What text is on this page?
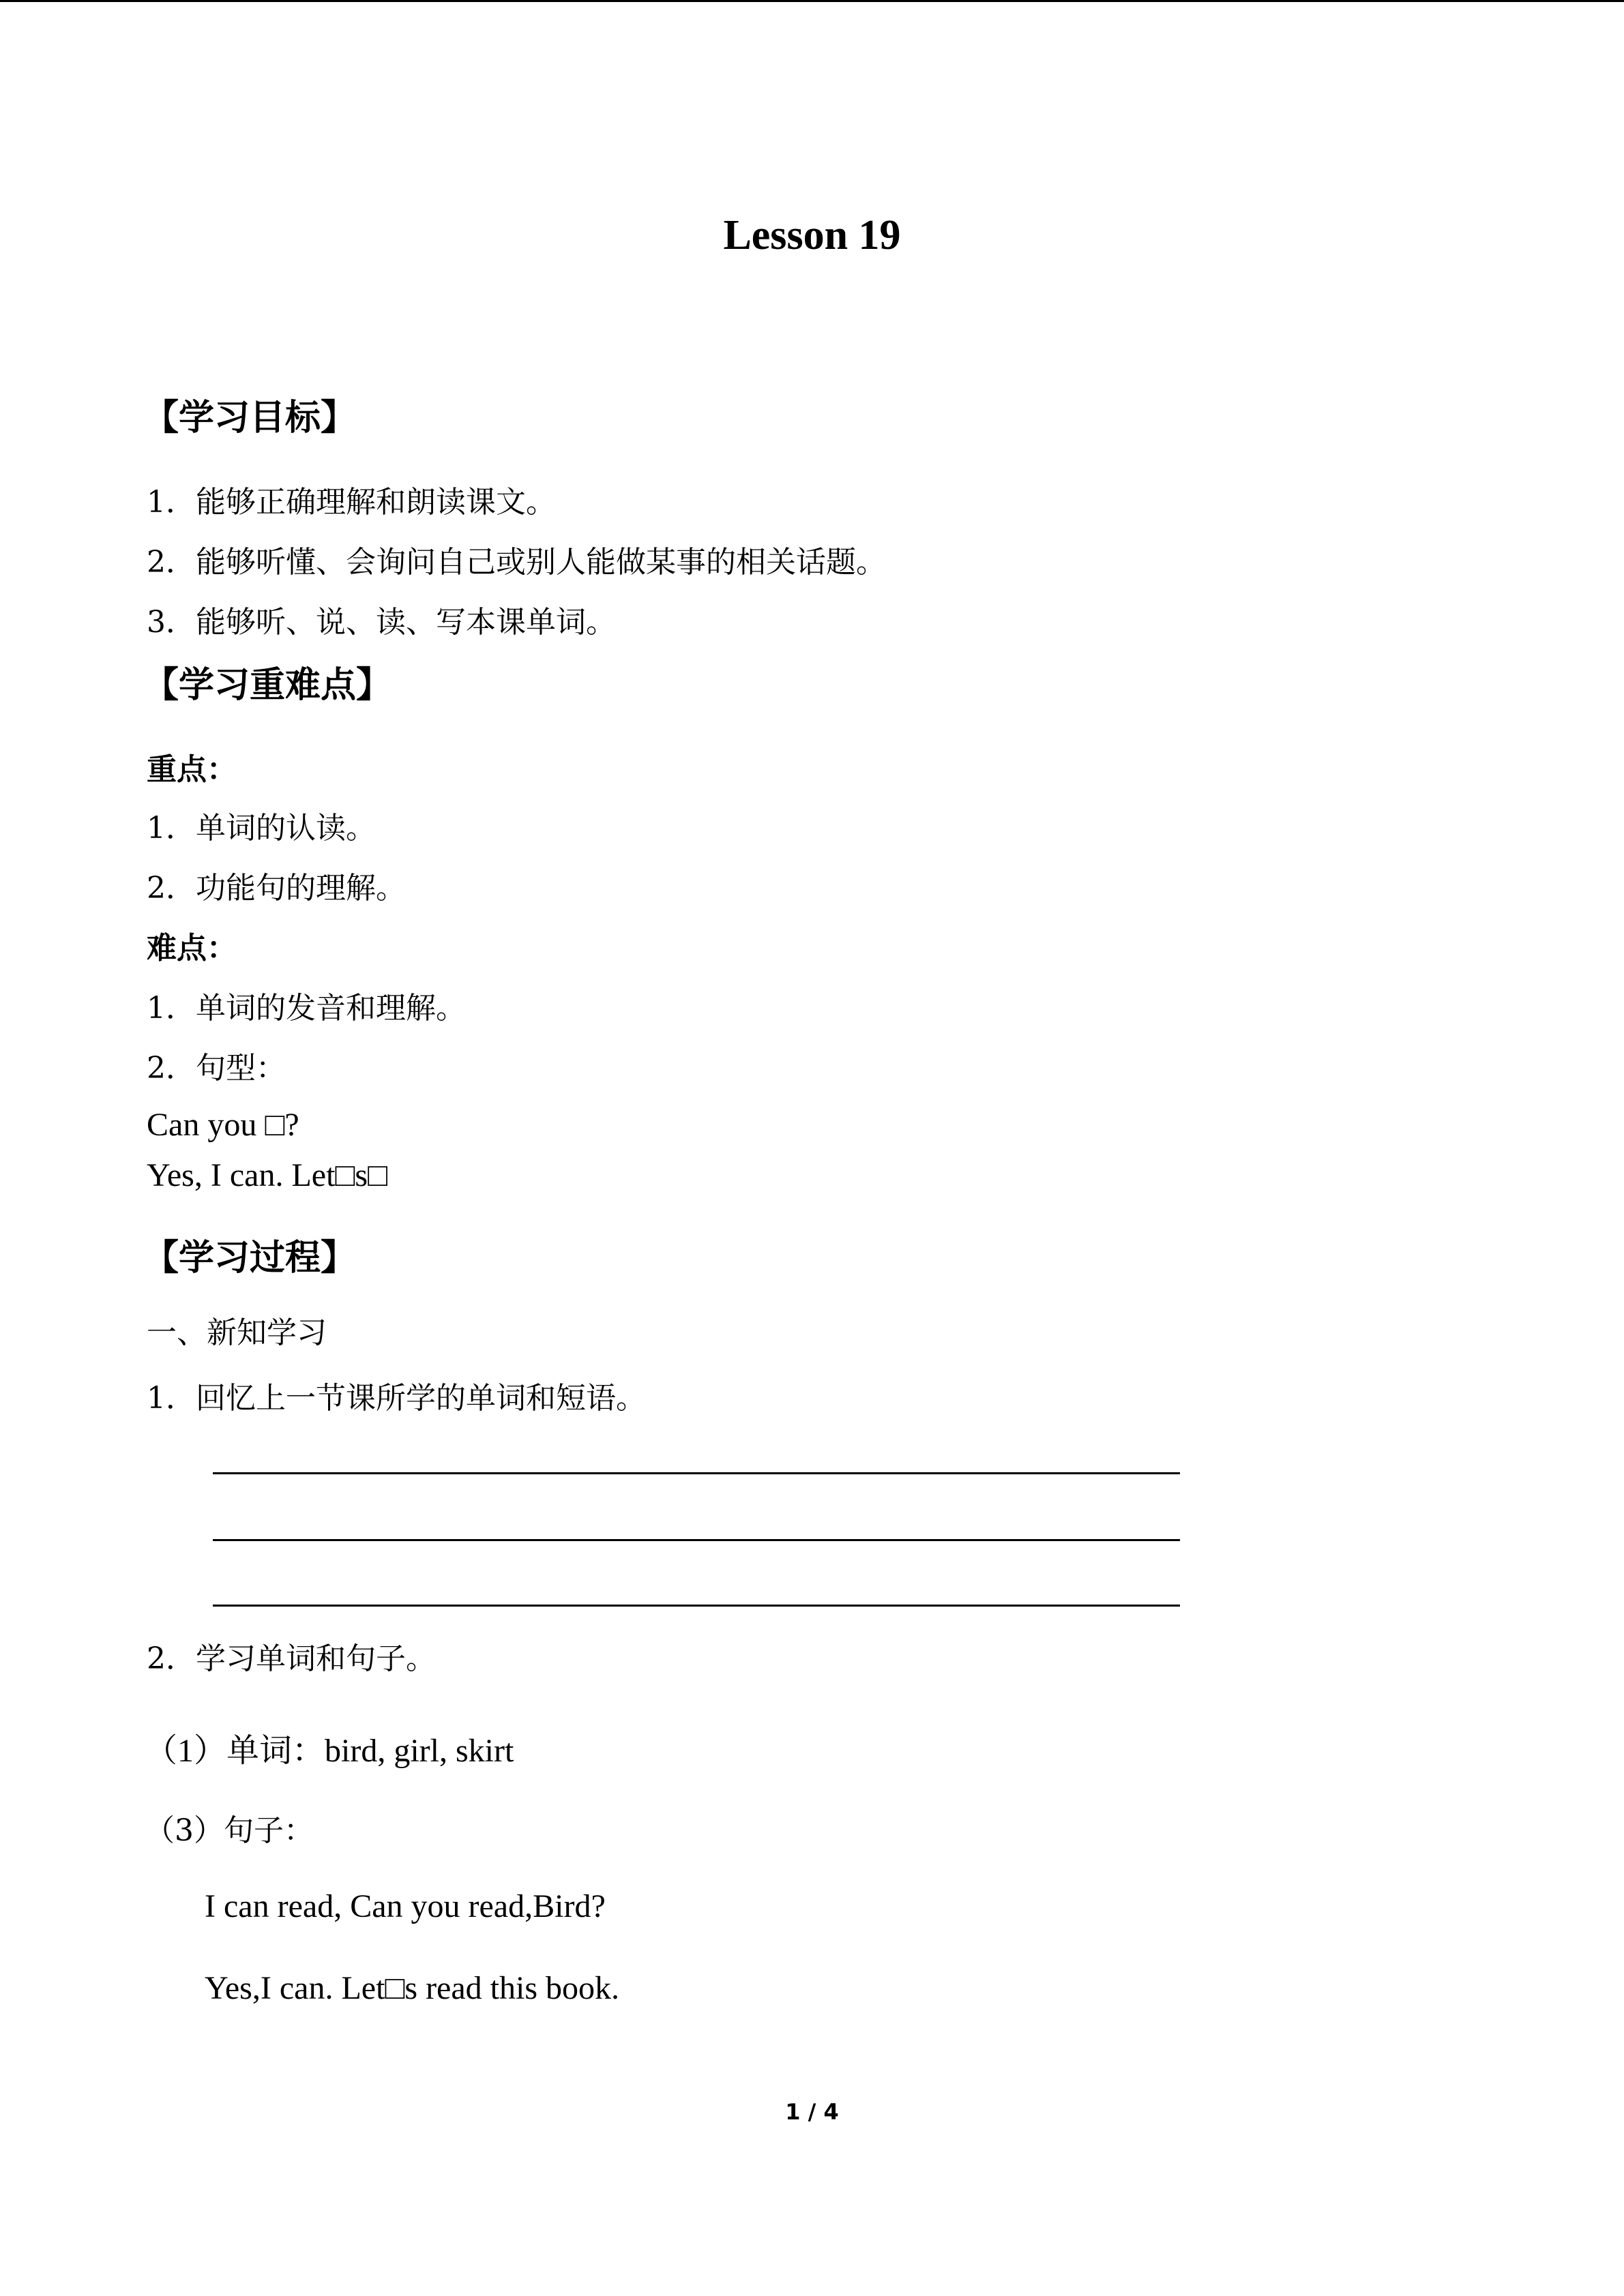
Lesson 19
【学习目标】
1．能够正确理解和朗读课文。
2．能够听懂、会询问自己或别人能做某事的相关话题。
3．能够听、说、读、写本课单词。
【学习重难点】
重点：
1．单词的认读。
2．功能句的理解。
难点：
1．单词的发音和理解。
2．句型：
Can you □?
Yes, I can. Let□s□
【学习过程】
一、新知学习
1．回忆上一节课所学的单词和短语。
2．学习单词和句子。
（1）单词：bird, girl, skirt
（3）句子：
I can read, Can you read,Bird?
Yes,I can. Let□s read this book.
1 / 4
